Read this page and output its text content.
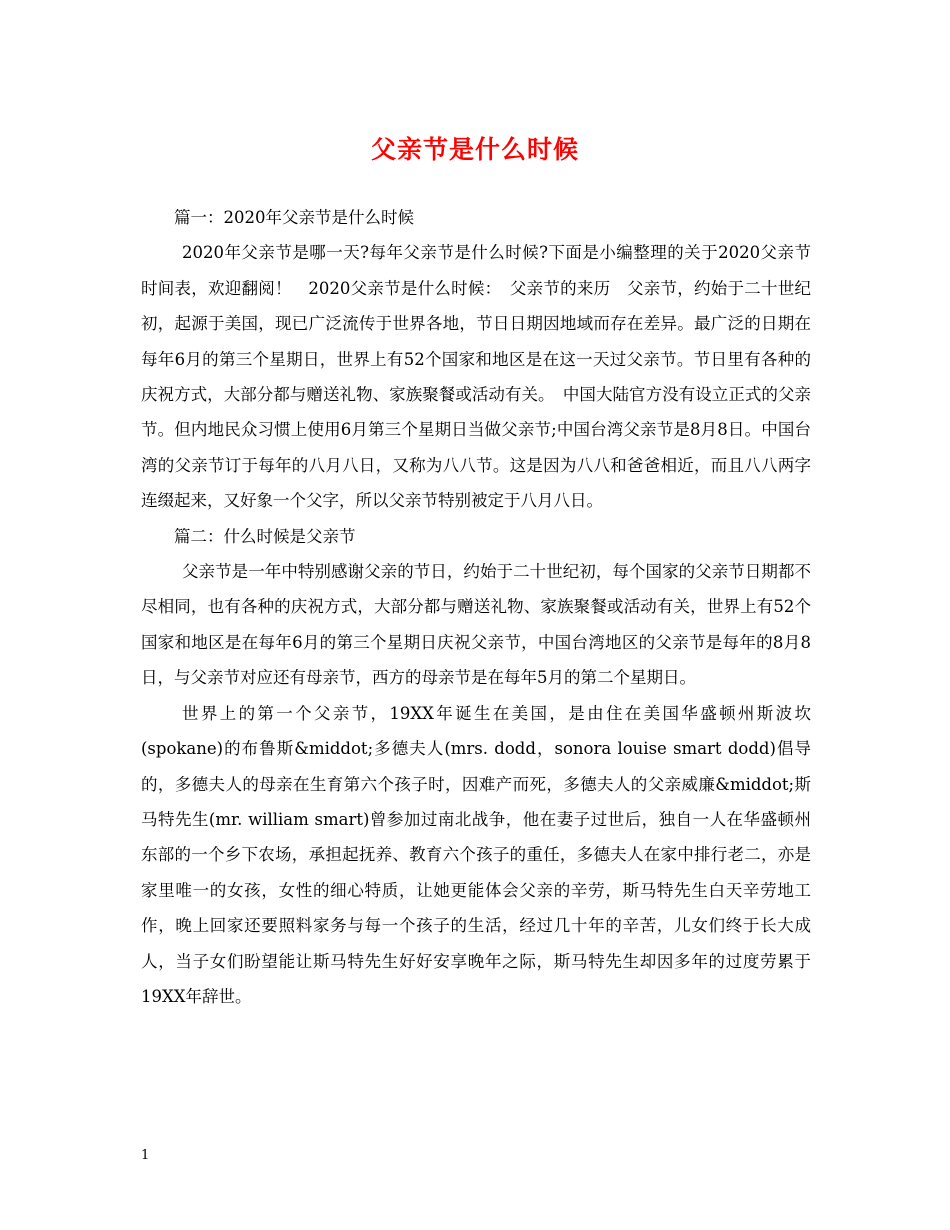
父亲节是什么时候

篇一：2020年父亲节是什么时候

2020年父亲节是哪一天?每年父亲节是什么时候?下面是小编整理的关于2020父亲节时间表，欢迎翻阅！　2020父亲节是什么时候：　父亲节的来历　父亲节，约始于二十世纪初，起源于美国，现已广泛流传于世界各地，节日日期因地域而存在差异。最广泛的日期在每年6月的第三个星期日，世界上有52个国家和地区是在这一天过父亲节。节日里有各种的庆祝方式，大部分都与赠送礼物、家族聚餐或活动有关。　中国大陆官方没有设立正式的父亲节。但内地民众习惯上使用6月第三个星期日当做父亲节;中国台湾父亲节是8月8日。中国台湾的父亲节订于每年的八月八日，又称为八八节。这是因为八八和爸爸相近，而且八八两字连缀起来，又好象一个父字，所以父亲节特别被定于八月八日。

篇二：什么时候是父亲节

父亲节是一年中特别感谢父亲的节日，约始于二十世纪初，每个国家的父亲节日期都不尽相同，也有各种的庆祝方式，大部分都与赠送礼物、家族聚餐或活动有关，世界上有52个国家和地区是在每年6月的第三个星期日庆祝父亲节，中国台湾地区的父亲节是每年的8月8日，与父亲节对应还有母亲节，西方的母亲节是在每年5月的第二个星期日。

世界上的第一个父亲节，19XX年诞生在美国，是由住在美国华盛顿州斯波坎(spokane)的布鲁斯&middot;多德夫人(mrs. dodd，sonora louise smart dodd)倡导的，多德夫人的母亲在生育第六个孩子时，因难产而死，多德夫人的父亲威廉&middot;斯马特先生(mr. william smart)曾参加过南北战争，他在妻子过世后，独自一人在华盛顿州东部的一个乡下农场，承担起抚养、教育六个孩子的重任，多德夫人在家中排行老二，亦是家里唯一的女孩，女性的细心特质，让她更能体会父亲的辛劳，斯马特先生白天辛劳地工作，晚上回家还要照料家务与每一个孩子的生活，经过几十年的辛苦，儿女们终于长大成人，当子女们盼望能让斯马特先生好好安享晚年之际，斯马特先生却因多年的过度劳累于19XX年辞世。

1
